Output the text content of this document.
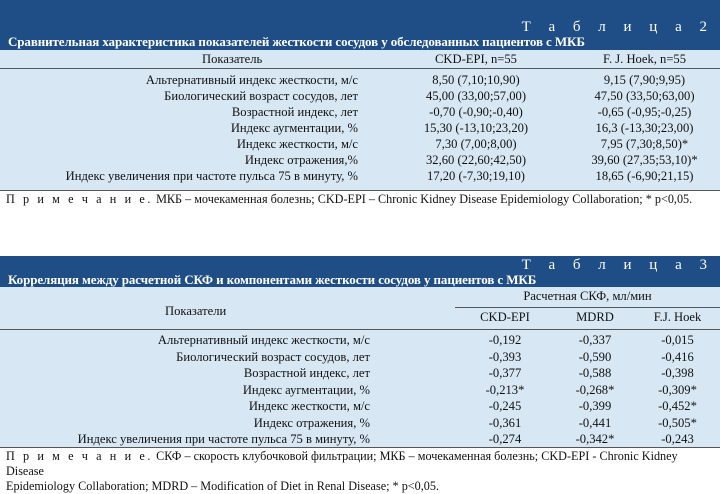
Т а б л и ц а 2
Сравнительная характеристика показателей жесткости сосудов у обследованных пациентов с МКБ
Показатель	CKD-EPI, n=55	F. J. Hoek, n=55
Альтернативный индекс жесткости, м/с	8,50 (7,10;10,90)	9,15 (7,90;9,95)
Биологический возраст сосудов, лет	45,00 (33,00;57,00)	47,50 (33,50;63,00)
Возрастной индекс, лет	-0,70 (-0,90;-0,40)	-0,65 (-0,95;-0,25)
Индекс аугментации, %	15,30 (-13,10;23,20)	16,3 (-13,30;23,00)
Индекс жесткости, м/с	7,30 (7,00;8,00)	7,95 (7,30;8,50)*
Индекс отражения,%	32,60 (22,60;42,50)	39,60 (27,35;53,10)*
Индекс увеличения при частоте пульса 75 в минуту, %	17,20 (-7,30;19,10)	18,65 (-6,90;21,15)
П р и м е ч а н и е. МКБ – мочекаменная болезнь; CKD-EPI – Chronic Kidney Disease Epidemiology Collaboration; * p<0,05.
Т а б л и ц а 3
Корреляция между расчетной СКФ и компонентами жесткости сосудов у пациентов с МКБ
Показатели
Расчетная СКФ, мл/мин
CKD-EPI	MDRD	F.J. Hoek
Альтернативный индекс жесткости, м/с	-0,192	-0,337	-0,015
Биологический возраст сосудов, лет	-0,393	-0,590	-0,416
Возрастной индекс, лет	-0,377	-0,588	-0,398
Индекс аугментации, %	-0,213*	-0,268*	-0,309*
Индекс жесткости, м/с	-0,245	-0,399	-0,452*
Индекс отражения, %	-0,361	-0,441	-0,505*
Индекс увеличения при частоте пульса 75 в минуту, %	-0,274	-0,342*	-0,243
П р и м е ч а н и е. СКФ – скорость клубочковой фильтрации; МКБ – мочекаменная болезнь; CKD-EPI - Chronic Kidney Disease
Epidemiology Collaboration; MDRD – Modification of Diet in Renal Disease; * p<0,05.
